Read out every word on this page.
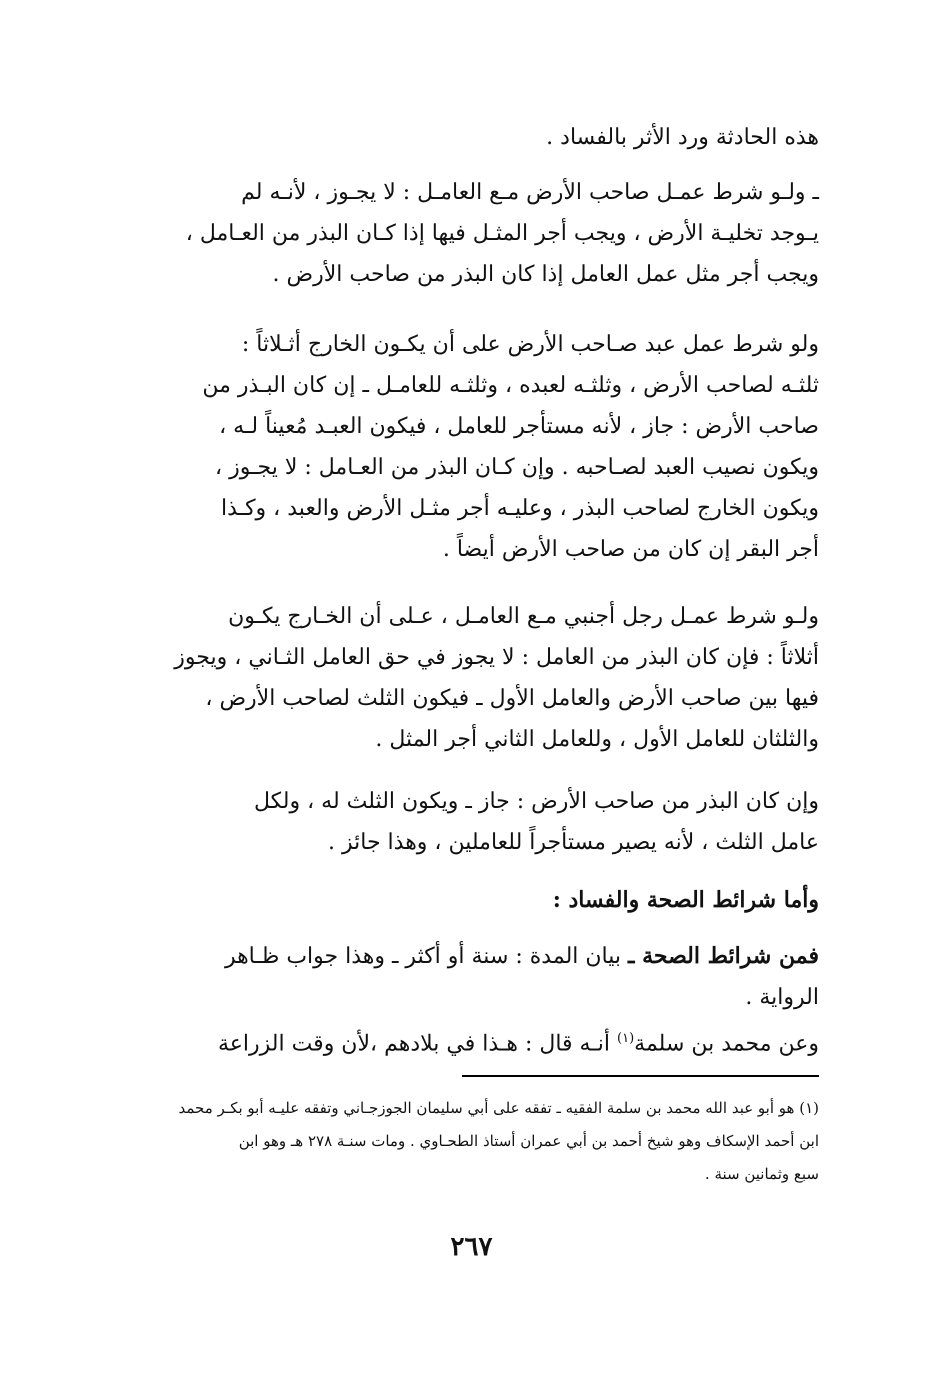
هذه الحادثة ورد الأثر بالفساد .
ـ ولـو شرط عمـل صاحب الأرض مـع العامـل : لا يجـوز ، لأنـه لم
يـوجد تخليـة الأرض ، ويجب أجر المثـل فيها إذا كـان البذر من العـامل ،
ويجب أجر مثل عمل العامل إذا كان البذر من صاحب الأرض .
ولو شرط عمل عبد صـاحب الأرض على أن يكـون الخارج أثـلاثاً :
ثلثـه لصاحب الأرض ، وثلثـه لعبده ، وثلثـه للعامـل ـ إن كان البـذر من
صاحب الأرض : جاز ، لأنه مستأجر للعامل ، فيكون العبـد مُعيناً لـه ،
ويكون نصيب العبد لصـاحبه . وإن كـان البذر من العـامل : لا يجـوز ،
ويكون الخارج لصاحب البذر ، وعليـه أجر مثـل الأرض والعبد ، وكـذا
أجر البقر إن كان من صاحب الأرض أيضاً .
ولـو شرط عمـل رجل أجنبي مـع العامـل ، عـلى أن الخـارج يكـون
أثلاثاً : فإن كان البذر من العامل : لا يجوز في حق العامل الثـاني ، ويجوز
فيها بين صاحب الأرض والعامل الأول ـ فيكون الثلث لصاحب الأرض ،
والثلثان للعامل الأول ، وللعامل الثاني أجر المثل .
وإن كان البذر من صاحب الأرض : جاز ـ ويكون الثلث له ، ولكل
عامل الثلث ، لأنه يصير مستأجراً للعاملين ، وهذا جائز .
وأما شرائط الصحة والفساد :
فمن شرائط الصحة ـ بيان المدة : سنة أو أكثر ـ وهذا جواب ظـاهر
الرواية .
وعن محمد بن سلمة$^{(١)}$ أنـه قال : هـذا في بلادهم ،لأن وقت الزراعة
(١) هو أبو عبد الله محمد بن سلمة الفقيه ـ تفقه على أبي سليمان الجوزجـاني وتفقه عليـه أبو بكـر محمد
ابن أحمد الإسكاف وهو شيخ أحمد بن أبي عمران أستاذ الطحـاوي . ومات سنـة ٢٧٨ هـ وهو ابن
سبع وثمانين سنة .
٢٦٧
